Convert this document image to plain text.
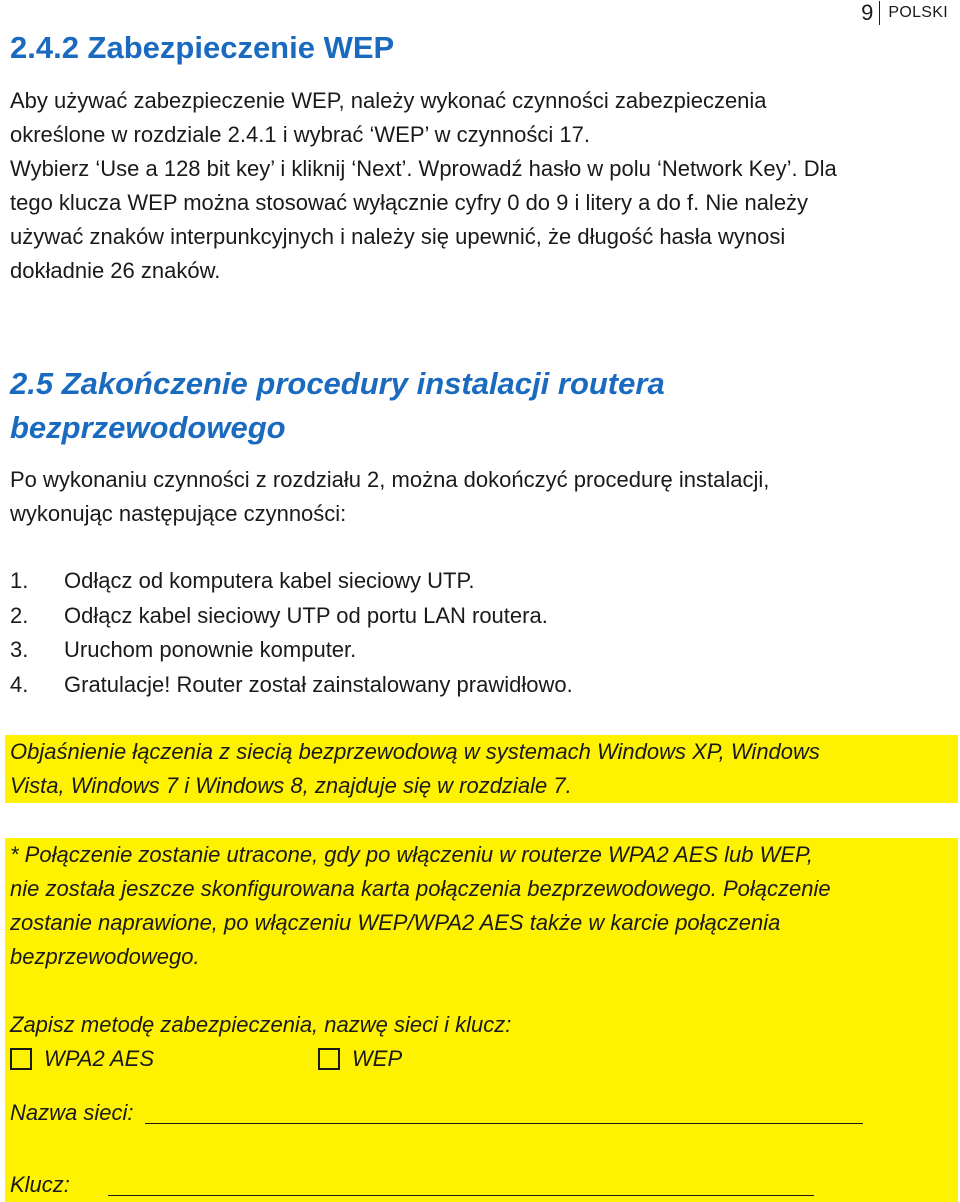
9 POLSKI
2.4.2 Zabezpieczenie WEP
Aby używać zabezpieczenie WEP, należy wykonać czynności zabezpieczenia
określone w rozdziale 2.4.1 i wybrać ‘WEP’ w czynności 17.
Wybierz ‘Use a 128 bit key’ i kliknij ‘Next’. Wprowadź hasło w polu ‘Network Key’. Dla
tego klucza WEP można stosować wyłącznie cyfry 0 do 9 i litery a do f. Nie należy
używać znaków interpunkcyjnych i należy się upewnić, że długość hasła wynosi
dokładnie 26 znaków.
2.5 Zakończenie procedury instalacji routera
bezprzewodowego
Po wykonaniu czynności z rozdziału 2, można dokończyć procedurę instalacji,
wykonując następujące czynności:
1.	Odłącz od komputera kabel sieciowy UTP.
2.	Odłącz kabel sieciowy UTP od portu LAN routera.
3.	Uruchom ponownie komputer.
4.	Gratulacje! Router został zainstalowany prawidłowo.

Objaśnienie łączenia z siecią bezprzewodową w systemach Windows XP, Windows

Vista, Windows 7 i Windows 8, znajduje się w rozdziale 7.

* Połączenie zostanie utracone, gdy po włączeniu w routerze WPA2 AES lub WEP,

nie została jeszcze skonfigurowana karta połączenia bezprzewodowego. Połączenie

zostanie naprawione, po włączeniu WEP/WPA2 AES także w karcie połączenia

bezprzewodowego.

Zapisz metodę zabezpieczenia, nazwę sieci i klucz:

WPA2 AES	WEP
Nazwa sieci:
Klucz:
